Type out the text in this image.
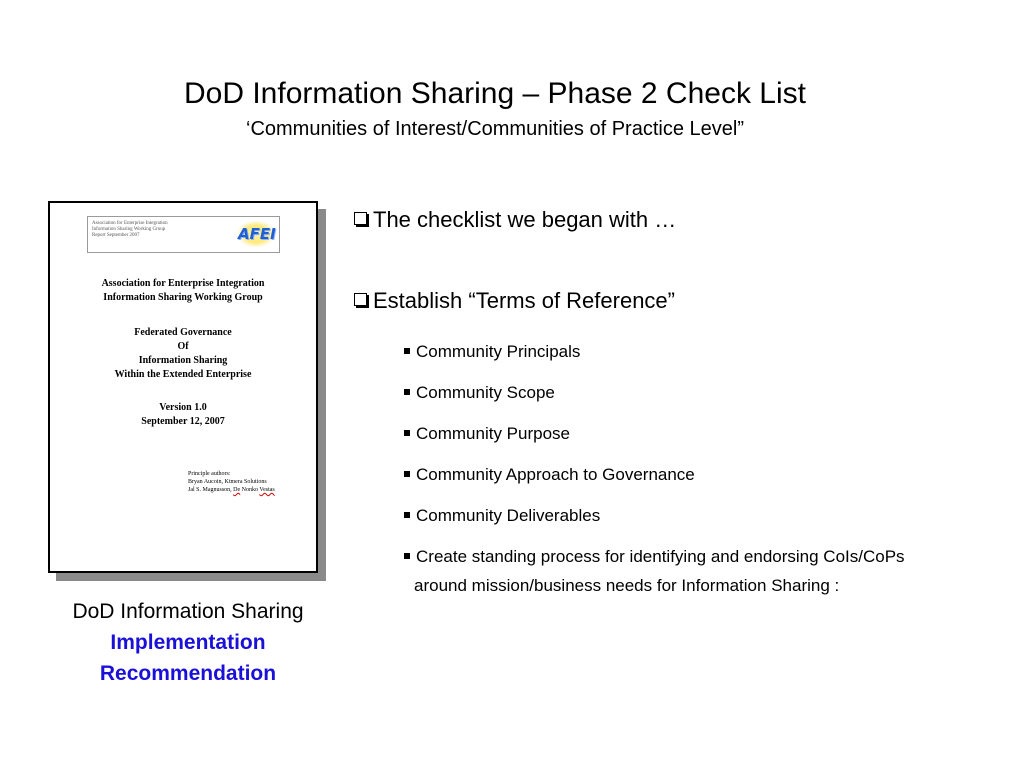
DoD Information Sharing – Phase 2 Check List
‘Communities of Interest/Communities of Practice Level”
Association for Enterprise Integration
Information Sharing Working Group
Report September 2007	AFEI
Association for Enterprise Integration
Information Sharing Working Group
Federated Governance
Of
Information Sharing
Within the Extended Enterprise
Version 1.0
September 12, 2007
Principle authors:
Bryan Aucoin, Ktmera Solutions
Jal S. Magnusson, De Nonko Vestas
DoD Information Sharing
Implementation
Recommendation
The checklist we began with …
Establish “Terms of Reference”
Community Principals
Community Scope
Community Purpose
Community Approach to Governance
Community Deliverables
Create standing process for identifying and endorsing CoIs/CoPs
around mission/business needs for Information Sharing :
